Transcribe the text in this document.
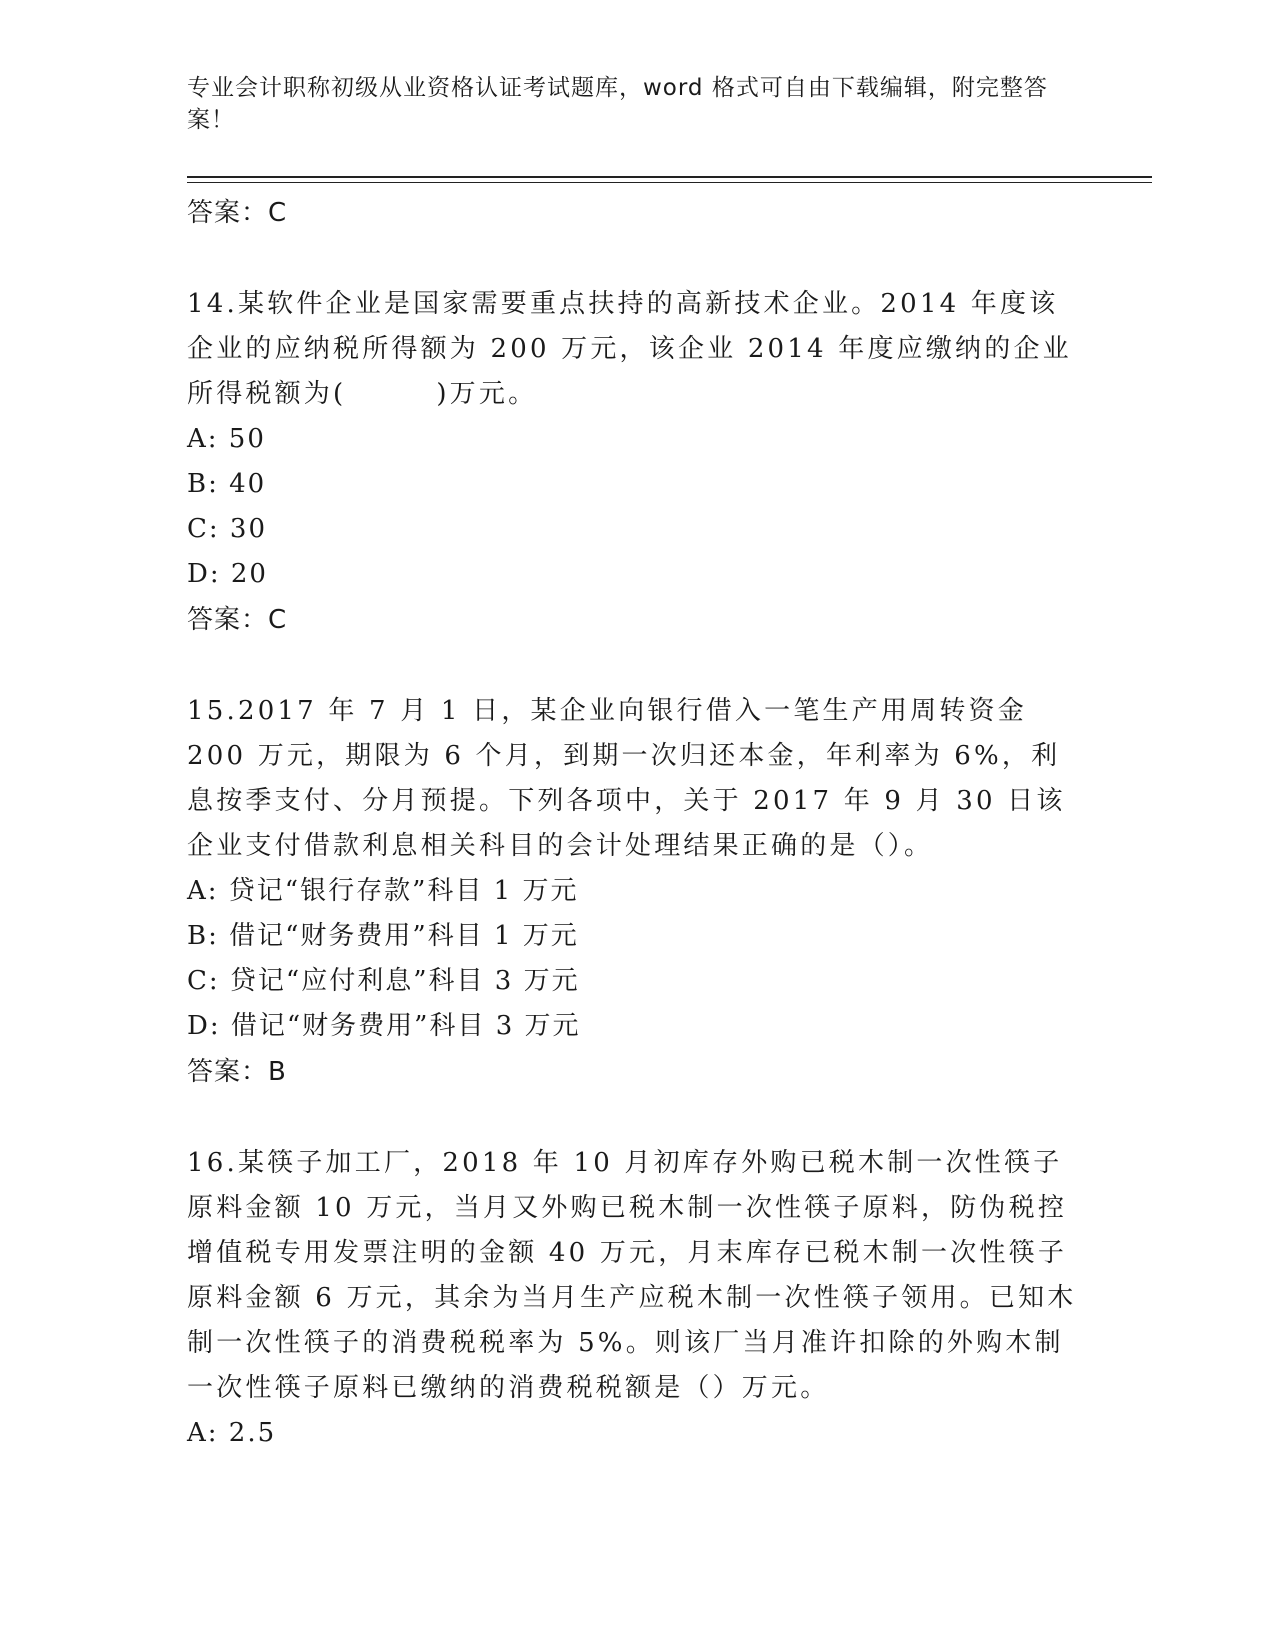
专业会计职称初级从业资格认证考试题库，word 格式可自由下载编辑，附完整答案！

答案：C

14.某软件企业是国家需要重点扶持的高新技术企业。2014 年度该企业的应纳税所得额为 200 万元，该企业 2014 年度应缴纳的企业所得税额为(	)万元。

A: 50

B: 40

C: 30

D: 20

答案：C

15.2017 年 7 月 1 日，某企业向银行借入一笔生产用周转资金 200 万元，期限为 6 个月，到期一次归还本金，年利率为 6%，利息按季支付、分月预提。下列各项中，关于 2017 年 9 月 30 日该企业支付借款利息相关科目的会计处理结果正确的是（）。

A: 贷记“银行存款”科目 1 万元

B: 借记“财务费用”科目 1 万元

C: 贷记“应付利息”科目 3 万元

D: 借记“财务费用”科目 3 万元

答案：B

16.某筷子加工厂，2018 年 10 月初库存外购已税木制一次性筷子原料金额 10 万元，当月又外购已税木制一次性筷子原料，防伪税控增值税专用发票注明的金额 40 万元，月末库存已税木制一次性筷子原料金额 6 万元，其余为当月生产应税木制一次性筷子领用。已知木制一次性筷子的消费税税率为 5%。则该厂当月准许扣除的外购木制一次性筷子原料已缴纳的消费税税额是（）万元。

A: 2.5
